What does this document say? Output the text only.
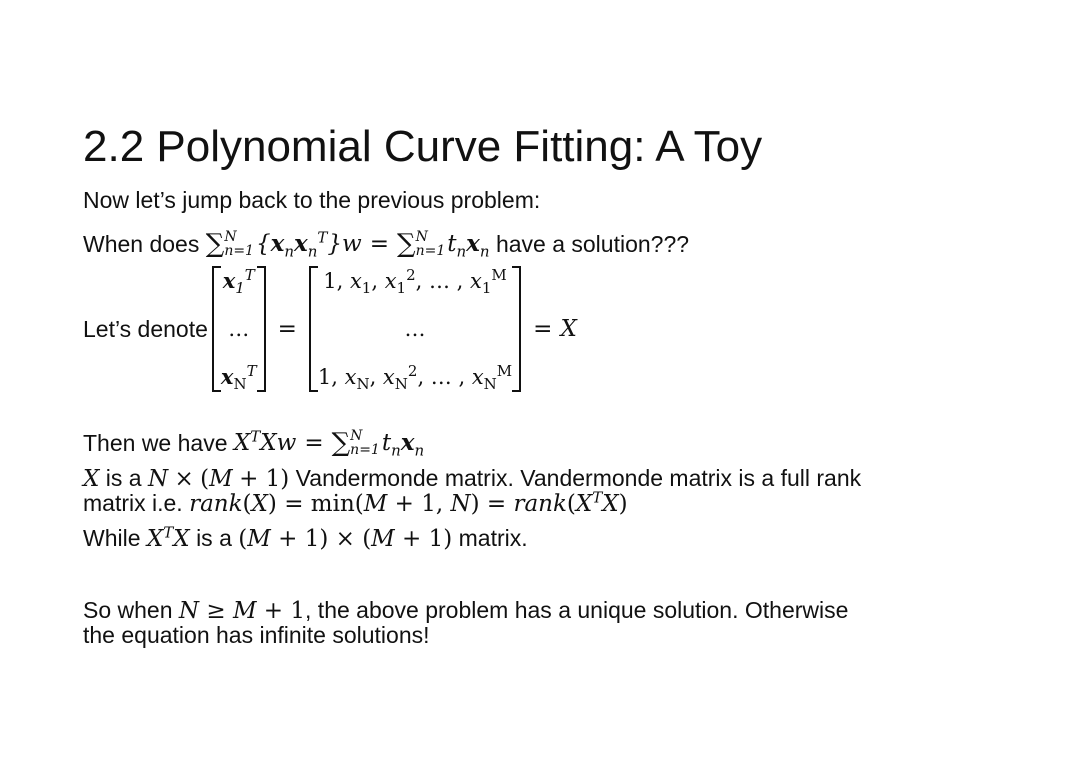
2.2 Polynomial Curve Fitting: A Toy
Now let’s jump back to the previous problem:
When does
∑ N
n=1 $\{x_nx_n^T\}w$ = ∑ N
n=1 $t_nx_n$
have a solution???
Let’s denote
$x_1^T$
…
$x_N^T$
=
1, $x_1$, $x_1^2$, … , $x_1^M$
…
1, $x_N$, $x_N^2$, … , $x_N^M$
= X
Then we have
$X^TXw$ = ∑ N
n=1 $t_nx_n$
X is a N × (M + 1) Vandermonde matrix. Vandermonde matrix is a full rank
matrix i.e. rank(X) = min(M + 1, $N) = rank(X^TX)$
While $X^TX$ is a (M + 1) × (M + 1) matrix.
So when N ≥ M + 1, the above problem has a unique solution. Otherwise
the equation has infinite solutions!
